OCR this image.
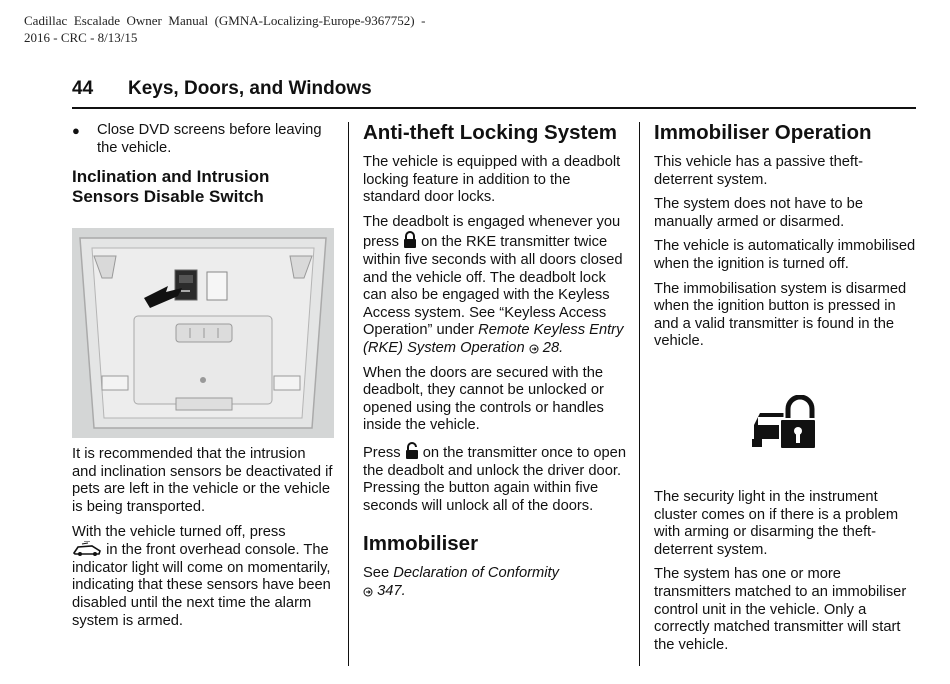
Cadillac  Escalade  Owner  Manual  (GMNA-Localizing-Europe-9367752)  -
2016 - CRC - 8/13/15
44 Keys, Doors, and Windows
●	Close DVD screens before leaving the vehicle.
Inclination and Intrusion Sensors Disable Switch

It is recommended that the intrusion and inclination sensors be deactivated if pets are left in the vehicle or the vehicle is being transported.

With the vehicle turned off, press
in the front overhead console. The indicator light will come on momentarily, indicating that these sensors have been disabled until the next time the alarm system is armed.

Anti-theft Locking System

The vehicle is equipped with a deadbolt locking feature in addition to the standard door locks.

The deadbolt is engaged whenever you press  on the RKE transmitter twice within five seconds with all doors closed and the vehicle off. The deadbolt lock can also be engaged with the Keyless Access system. See “Keyless Access Operation” under Remote Keyless Entry (RKE) System Operation  28.

When the doors are secured with the deadbolt, they cannot be unlocked or opened using the controls or handles inside the vehicle.

Press  on the transmitter once to open the deadbolt and unlock the driver door. Pressing the button again within five seconds will unlock all of the doors.

Immobiliser

See Declaration of Conformity
347.

Immobiliser Operation

This vehicle has a passive theft-deterrent system.

The system does not have to be manually armed or disarmed.

The vehicle is automatically immobilised when the ignition is turned off.

The immobilisation system is disarmed when the ignition button is pressed in and a valid transmitter is found in the vehicle.

The security light in the instrument cluster comes on if there is a problem with arming or disarming the theft-deterrent system.

The system has one or more transmitters matched to an immobiliser control unit in the vehicle. Only a correctly matched transmitter will start the vehicle.
